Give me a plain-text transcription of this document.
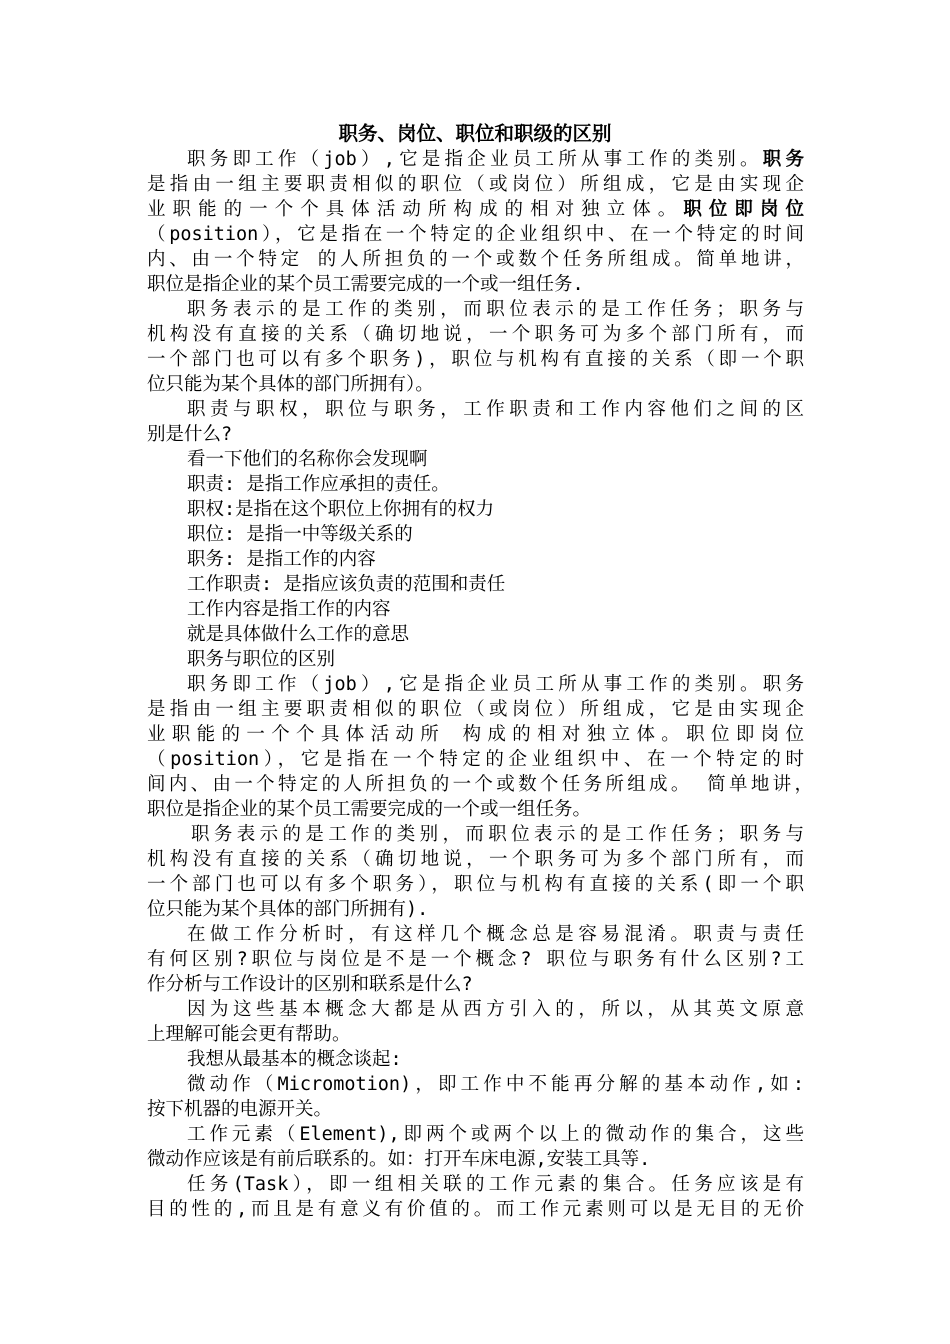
职务、岗位、职位和职级的区别
职务即工作（job）,它是指企业员工所从事工作的类别。职务
是指由一组主要职责相似的职位（或岗位）所组成，它是由实现企
业职能的一个个具体活动所构成的相对独立体。职位即岗位
（position），它是指在一个特定的企业组织中、在一个特定的时间
内、由一个特定 的人所担负的一个或数个任务所组成。简单地讲，
职位是指企业的某个员工需要完成的一个或一组任务.
职务表示的是工作的类别，而职位表示的是工作任务；职务与
机构没有直接的关系（确切地说，一个职务可为多个部门所有，而
一个部门也可以有多个职务)，职位与机构有直接的关系（即一个职
位只能为某个具体的部门所拥有）。
职责与职权，职位与职务，工作职责和工作内容他们之间的区
别是什么?
看一下他们的名称你会发现啊
职责: 是指工作应承担的责任。
职权:是指在这个职位上你拥有的权力
职位: 是指一中等级关系的
职务: 是指工作的内容
工作职责: 是指应该负责的范围和责任
工作内容是指工作的内容
就是具体做什么工作的意思
职务与职位的区别
职务即工作（job）,它是指企业员工所从事工作的类别。职务
是指由一组主要职责相似的职位（或岗位）所组成，它是由实现企
业职能的一个个具体活动所 构成的相对独立体。职位即岗位
（position），它是指在一个特定的企业组织中、在一个特定的时
间内、由一个特定的人所担负的一个或数个任务所组成。 简单地讲，
职位是指企业的某个员工需要完成的一个或一组任务。
职务表示的是工作的类别，而职位表示的是工作任务；职务与
机构没有直接的关系（确切地说，一个职务可为多个部门所有，而
一个部门也可以有多个职务），职位与机构有直接的关系(即一个职
位只能为某个具体的部门所拥有).
在做工作分析时，有这样几个概念总是容易混淆。职责与责任
有何区别?职位与岗位是不是一个概念? 职位与职务有什么区别?工
作分析与工作设计的区别和联系是什么?
因为这些基本概念大都是从西方引入的，所以，从其英文原意
上理解可能会更有帮助。
我想从最基本的概念谈起:
微动作（Micromotion)，即工作中不能再分解的基本动作,如:
按下机器的电源开关。
工作元素（Element),即两个或两个以上的微动作的集合，这些
微动作应该是有前后联系的。如：打开车床电源,安装工具等.
任务(Task），即一组相关联的工作元素的集合。任务应该是有
目的性的,而且是有意义有价值的。而工作元素则可以是无目的无价
